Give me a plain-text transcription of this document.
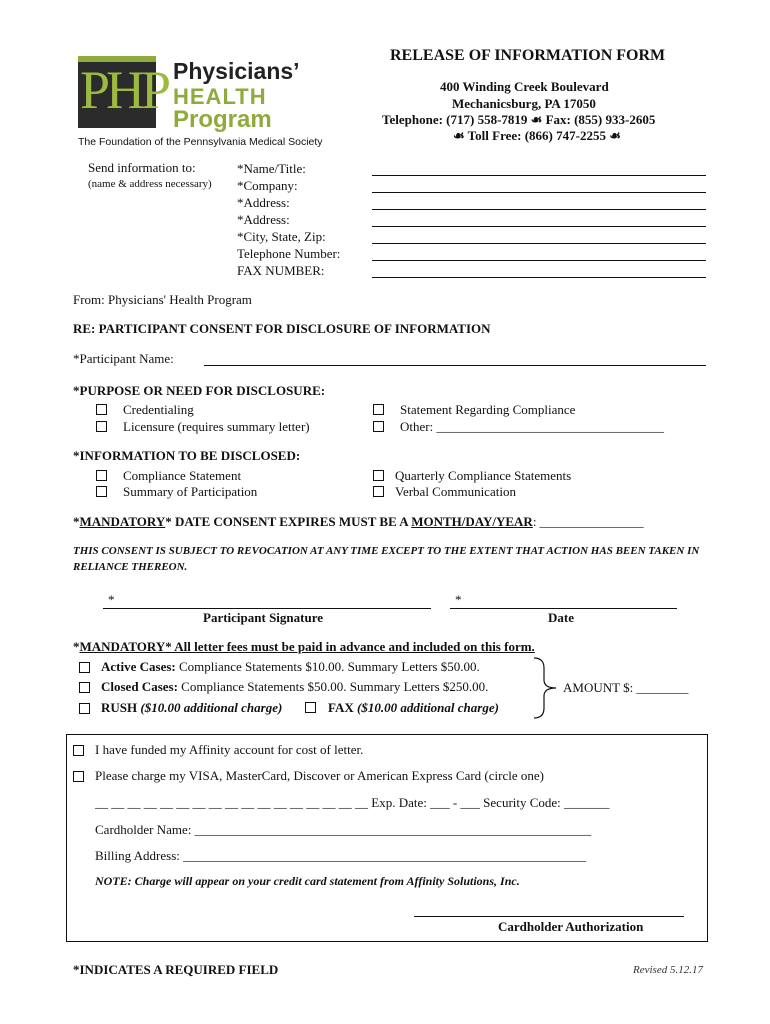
PHP Physicians’
HEALTH
Program
The Foundation of the Pennsylvania Medical Society
RELEASE OF INFORMATION FORM
400 Winding Creek Boulevard
Mechanicsburg, PA 17050
Telephone: (717) 558-7819 ☙ Fax: (855) 933-2605
☙ Toll Free: (866) 747-2255 ☙
Send information to:
(name & address necessary)
*Name/Title:
*Company:
*Address:
*Address:
*City, State, Zip:
Telephone Number:
FAX NUMBER:
From: Physicians' Health Program
RE: PARTICIPANT CONSENT FOR DISCLOSURE OF INFORMATION
*Participant Name:
*PURPOSE OR NEED FOR DISCLOSURE:
Credentialing
Licensure (requires summary letter)
Statement Regarding Compliance
Other: ___________________________________
*INFORMATION TO BE DISCLOSED:
Compliance Statement
Summary of Participation
Quarterly Compliance Statements
Verbal Communication
*MANDATORY* DATE CONSENT EXPIRES MUST BE A MONTH/DAY/YEAR: ________________
THIS CONSENT IS SUBJECT TO REVOCATION AT ANY TIME EXCEPT TO THE EXTENT THAT ACTION HAS BEEN TAKEN IN RELIANCE THEREON.
*
Participant Signature
*
Date
*MANDATORY* All letter fees must be paid in advance and included on this form.
Active Cases: Compliance Statements $10.00. Summary Letters $50.00.
Closed Cases: Compliance Statements $50.00. Summary Letters $250.00.
RUSH ($10.00 additional charge)	FAX ($10.00 additional charge)
AMOUNT $: ________
I have funded my Affinity account for cost of letter.
Please charge my VISA, MasterCard, Discover or American Express Card (circle one)
__ __ __ __ __ __ __ __ __ __ __ __ __ __ __ __ __ Exp. Date: ___ - ___ Security Code: _______
Cardholder Name: _____________________________________________________________
Billing Address: ______________________________________________________________
NOTE: Charge will appear on your credit card statement from Affinity Solutions, Inc.
Cardholder Authorization
*INDICATES A REQUIRED FIELD	Revised 5.12.17
